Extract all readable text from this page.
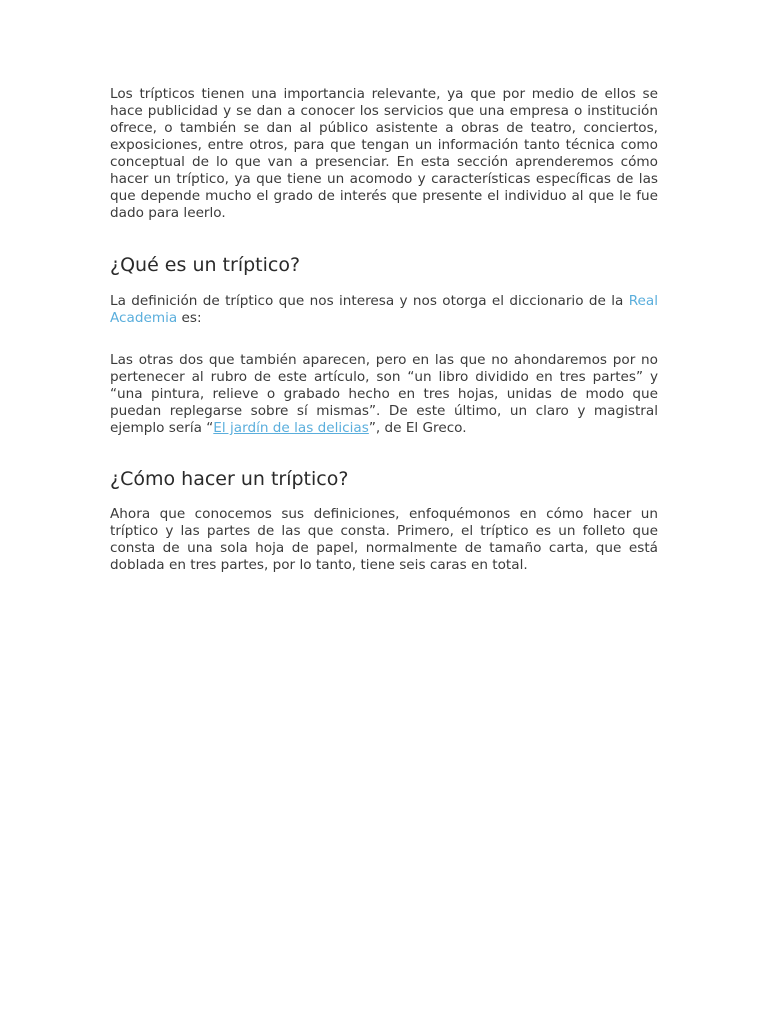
Los trípticos tienen una importancia relevante, ya que por medio de ellos se hace publicidad y se dan a conocer los servicios que una empresa o institución ofrece, o también se dan al público asistente a obras de teatro, conciertos, exposiciones, entre otros, para que tengan un información tanto técnica como conceptual de lo que van a presenciar. En esta sección aprenderemos cómo hacer un tríptico, ya que tiene un acomodo y características específicas de las que depende mucho el grado de interés que presente el individuo al que le fue dado para leerlo.

¿Qué es un tríptico?

La definición de tríptico que nos interesa y nos otorga el diccionario de la Real Academia es:

Las otras dos que también aparecen, pero en las que no ahondaremos por no pertenecer al rubro de este artículo, son “un libro dividido en tres partes” y “una pintura, relieve o grabado hecho en tres hojas, unidas de modo que puedan replegarse sobre sí mismas”. De este último, un claro y magistral ejemplo sería “El jardín de las delicias”, de El Greco.

¿Cómo hacer un tríptico?

Ahora que conocemos sus definiciones, enfoquémonos en cómo hacer un tríptico y las partes de las que consta. Primero, el tríptico es un folleto que consta de una sola hoja de papel, normalmente de tamaño carta, que está doblada en tres partes, por lo tanto, tiene seis caras en total.
